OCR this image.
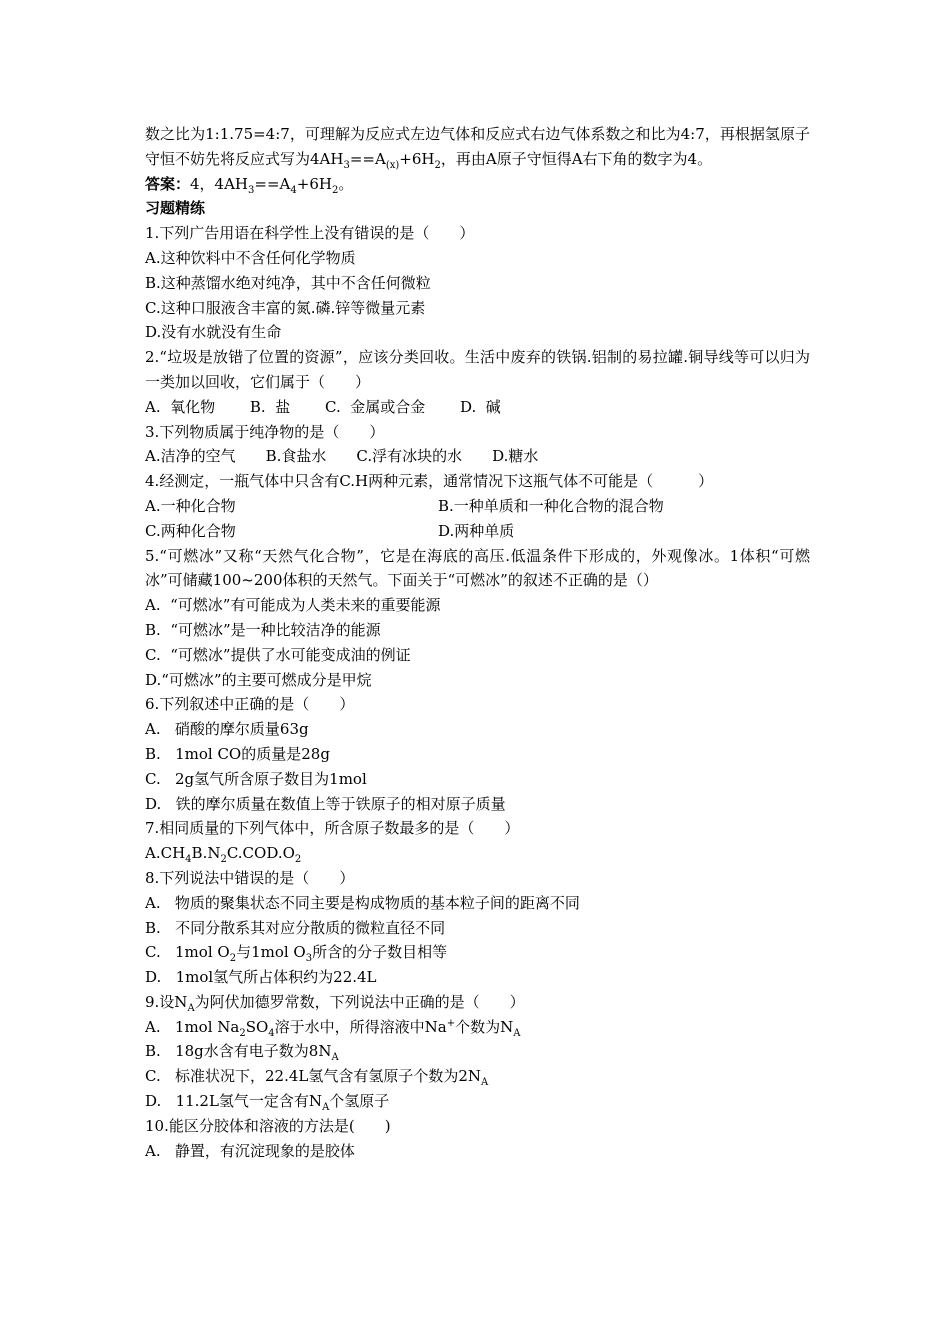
数之比为1:1.75=4:7，可理解为反应式左边气体和反应式右边气体系数之和比为4:7，再根据氢原子守恒不妨先将反应式写为$4AH_3==A_{(x)}+6H_2$，再由A原子守恒得A右下角的数字为4。
答案：4，$4AH_3==A_4+6H_2$。
习题精练
1.下列广告用语在科学性上没有错误的是（　　）
A.这种饮料中不含任何化学物质
B.这种蒸馏水绝对纯净，其中不含任何微粒
C.这种口服液含丰富的氮.磷.锌等微量元素
D.没有水就没有生命
2.“垃圾是放错了位置的资源”，应该分类回收。生活中废弃的铁锅.铝制的易拉罐.铜导线等可以归为一类加以回收，它们属于（　　）
A.  氧化物　　 B.  盐　　 C.  金属或合金　　 D.  碱
3.下列物质属于纯净物的是（　　）
A.洁净的空气　　B.食盐水　　C.浮有冰块的水　　D.糖水
4.经测定，一瓶气体中只含有C.H两种元素，通常情况下这瓶气体不可能是（　　　）
A.一种化合物	B.一种单质和一种化合物的混合物
C.两种化合物	D.两种单质
5.“可燃冰”又称“天然气化合物”，它是在海底的高压.低温条件下形成的，外观像冰。1体积“可燃冰”可储藏100~200体积的天然气。下面关于“可燃冰”的叙述不正确的是（）
A.  “可燃冰”有可能成为人类未来的重要能源
B.  “可燃冰”是一种比较洁净的能源
C.  “可燃冰”提供了水可能变成油的例证
D.“可燃冰”的主要可燃成分是甲烷
6.下列叙述中正确的是（　　）
A.   硝酸的摩尔质量63g
B.   1mol CO的质量是28g
C.   2g氢气所含原子数目为1mol
D.   铁的摩尔质量在数值上等于铁原子的相对原子质量
7.相同质量的下列气体中，所含原子数最多的是（　　）
$A.CH_4B.N_2C.COD.O_2$
8.下列说法中错误的是（　　）
A.   物质的聚集状态不同主要是构成物质的基本粒子间的距离不同
B.   不同分散系其对应分散质的微粒直径不同
C.   1mol $O_2$与1mol $O_3$所含的分子数目相等
D.   1mol氢气所占体积约为22.4L
9.设$N_A$为阿伏加德罗常数，下列说法中正确的是（　　）
A.   1mol $Na_2SO_4$溶于水中，所得溶液中Na+个数为$N_A$
B.   18g水含有电子数为$8N_A$
C.   标准状况下，22.4L氢气含有氢原子个数为$2N_A$
D.   11.2L氢气一定含有$N_A$个氢原子
10.能区分胶体和溶液的方法是(　　)
A.   静置，有沉淀现象的是胶体
